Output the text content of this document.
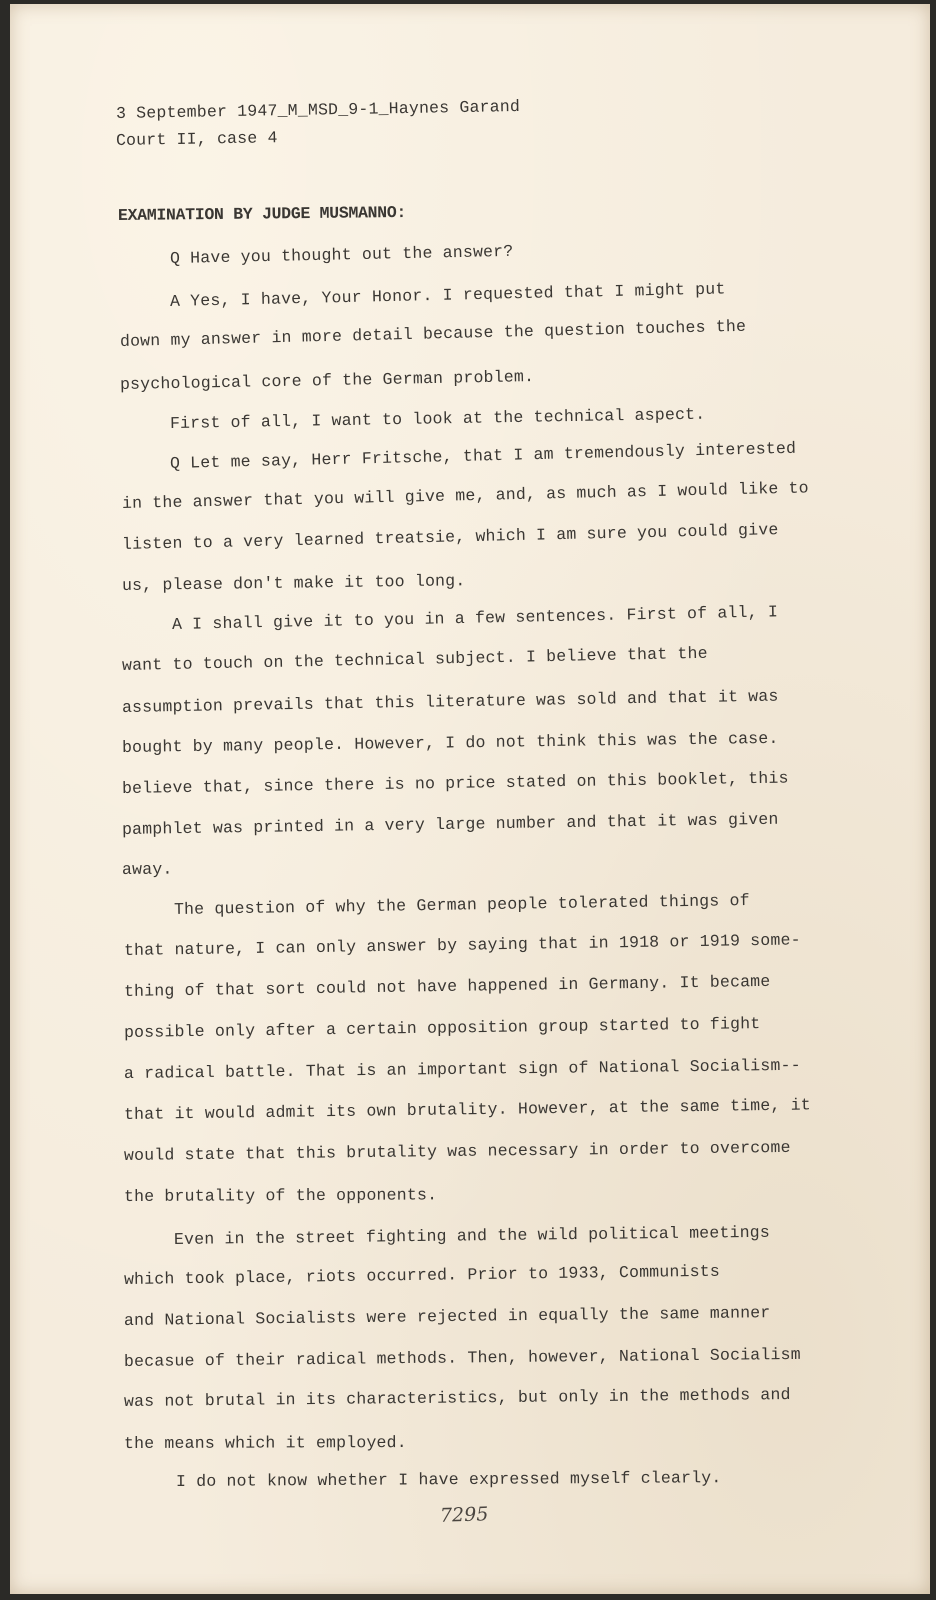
3 September 1947_M_MSD_9-1_Haynes Garand
Court II, case 4
EXAMINATION BY JUDGE MUSMANNO:
Q Have you thought out the answer?
A Yes, I have, Your Honor. I requested that I might put
down my answer in more detail because the question touches the
psychological core of the German problem.
First of all, I want to look at the technical aspect.
Q Let me say, Herr Fritsche, that I am tremendously interested
in the answer that you will give me, and, as much as I would like to
listen to a very learned treatsie, which I am sure you could give
us, please don't make it too long.
A I shall give it to you in a few sentences. First of all, I
want to touch on the technical subject. I believe that the
assumption prevails that this literature was sold and that it was
bought by many people. However, I do not think this was the case.
believe that, since there is no price stated on this booklet, this
pamphlet was printed in a very large number and that it was given
away.
The question of why the German people tolerated things of
that nature, I can only answer by saying that in 1918 or 1919 some-
thing of that sort could not have happened in Germany. It became
possible only after a certain opposition group started to fight
a radical battle. That is an important sign of National Socialism--
that it would admit its own brutality. However, at the same time, it
would state that this brutality was necessary in order to overcome
the brutality of the opponents.
Even in the street fighting and the wild political meetings
which took place, riots occurred. Prior to 1933, Communists
and National Socialists were rejected in equally the same manner
becasue of their radical methods. Then, however, National Socialism
was not brutal in its characteristics, but only in the methods and
the means which it employed.
I do not know whether I have expressed myself clearly.
7295
